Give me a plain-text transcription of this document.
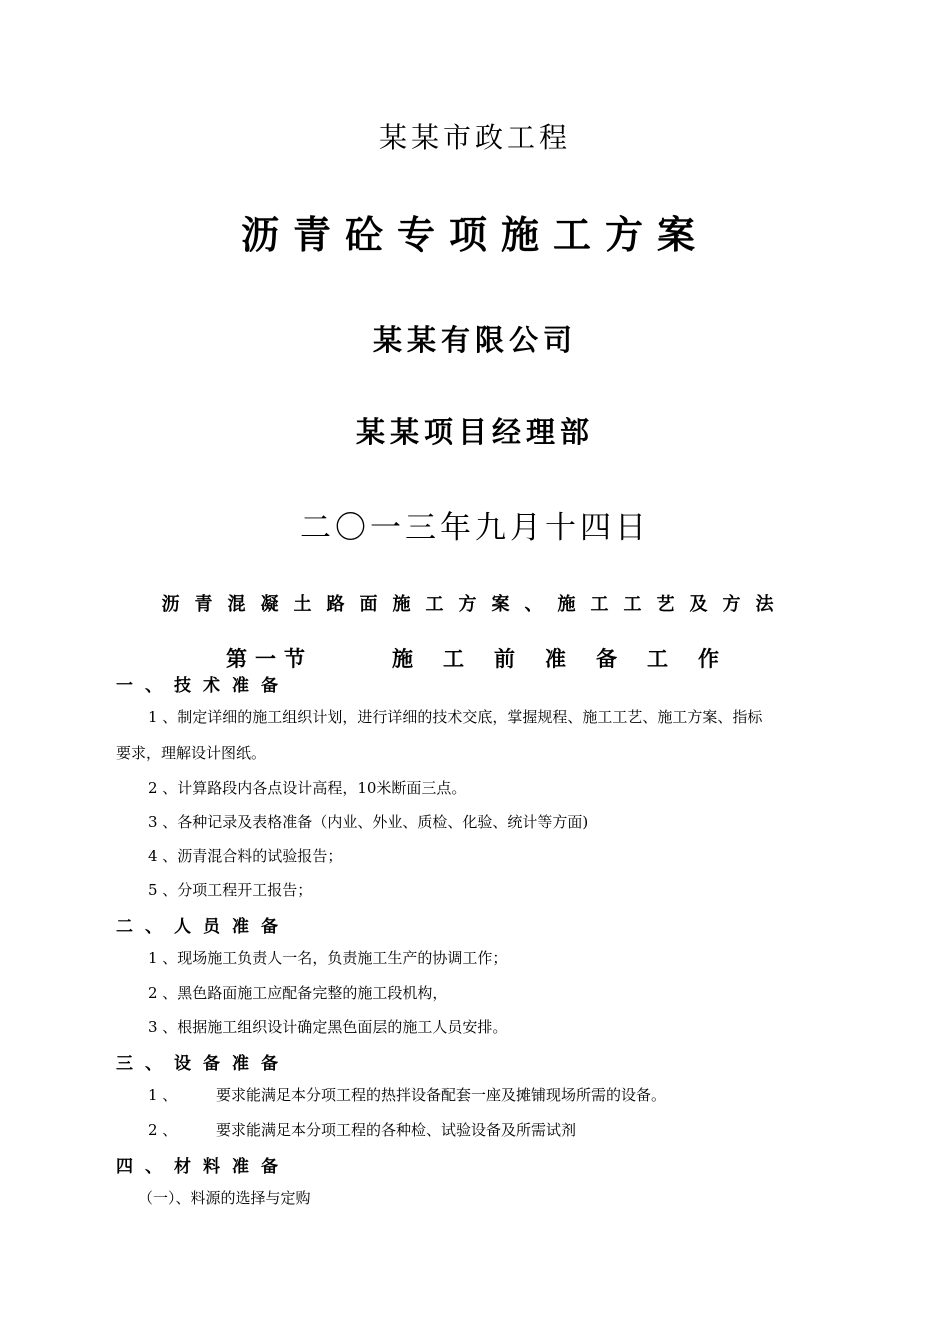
某某市政工程
沥青砼专项施工方案
某某有限公司
某某项目经理部
二〇一三年九月十四日
沥青混凝土路面施工方案、施工工艺及方法
第一节	施工前准备工作
一、技术准备
1 、制定详细的施工组织计划，进行详细的技术交底，掌握规程、施工工艺、施工方案、指标
要求，理解设计图纸。
2 、计算路段内各点设计高程，10米断面三点。
3 、各种记录及表格准备（内业、外业、质检、化验、统计等方面)
4 、沥青混合料的试验报告；
5 、分项工程开工报告；
二、人员准备
1 、现场施工负责人一名，负责施工生产的协调工作；
2 、黑色路面施工应配备完整的施工段机构，
3 、根据施工组织设计确定黑色面层的施工人员安排。
三、设备准备
1 、	要求能满足本分项工程的热拌设备配套一座及摊铺现场所需的设备。
2 、	要求能满足本分项工程的各种检、试验设备及所需试剂
四、材料准备
（一）、料源的选择与定购
